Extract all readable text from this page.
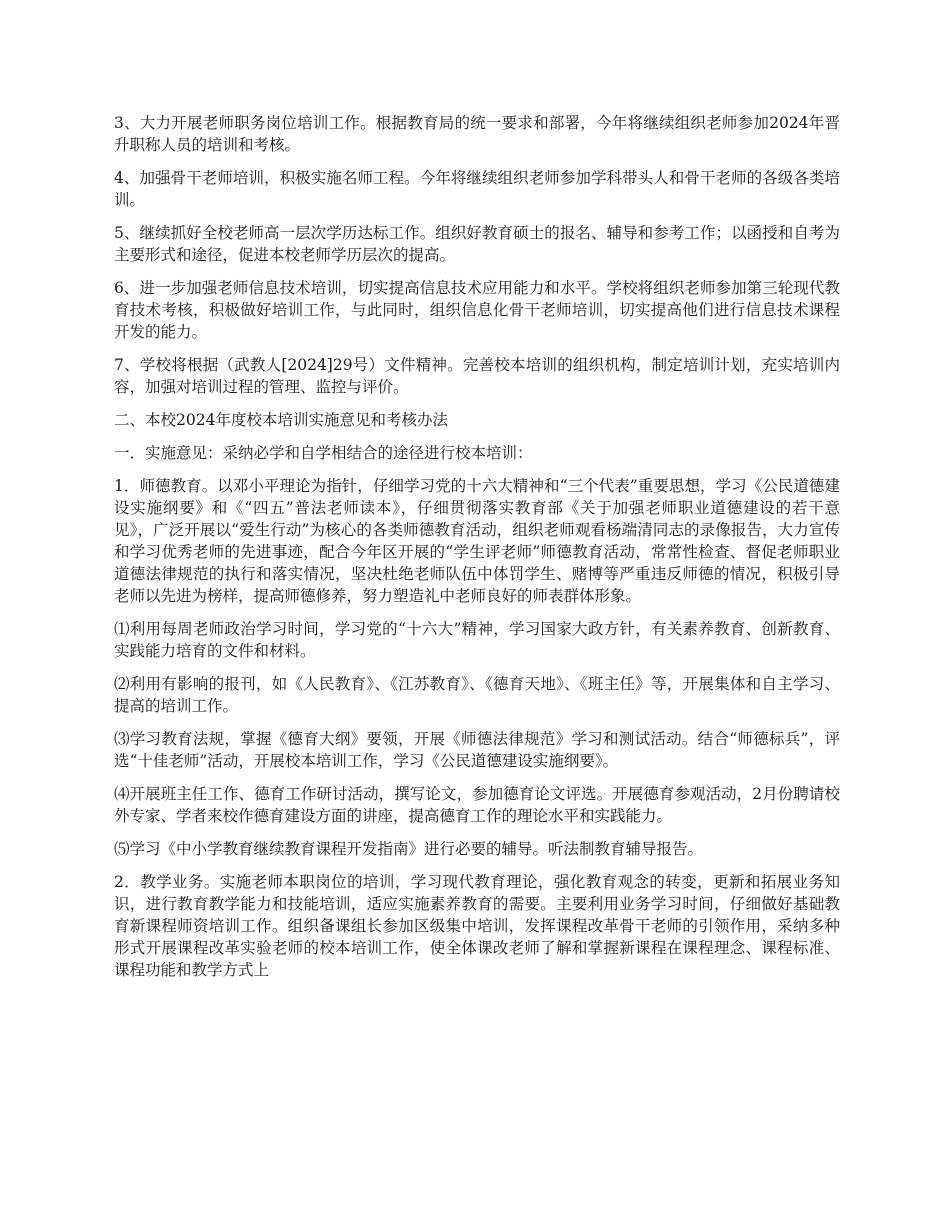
3、大力开展老师职务岗位培训工作。根据教育局的统一要求和部署，今年将继续组织老师参加2024年晋升职称人员的培训和考核。

4、加强骨干老师培训，积极实施名师工程。今年将继续组织老师参加学科带头人和骨干老师的各级各类培训。

5、继续抓好全校老师高一层次学历达标工作。组织好教育硕士的报名、辅导和参考工作；以函授和自考为主要形式和途径，促进本校老师学历层次的提高。

6、进一步加强老师信息技术培训，切实提高信息技术应用能力和水平。学校将组织老师参加第三轮现代教育技术考核，积极做好培训工作，与此同时，组织信息化骨干老师培训，切实提高他们进行信息技术课程开发的能力。

7、学校将根据（武教人[2024]29号）文件精神。完善校本培训的组织机构，制定培训计划，充实培训内容，加强对培训过程的管理、监控与评价。

二、本校2024年度校本培训实施意见和考核办法

一．实施意见：采纳必学和自学相结合的途径进行校本培训：

1．师德教育。以邓小平理论为指针，仔细学习党的十六大精神和“三个代表”重要思想，学习《公民道德建设实施纲要》和《“四五”普法老师读本》，仔细贯彻落实教育部《关于加强老师职业道德建设的若干意见》，广泛开展以“爱生行动”为核心的各类师德教育活动，组织老师观看杨端清同志的录像报告，大力宣传和学习优秀老师的先进事迹，配合今年区开展的“学生评老师”师德教育活动，常常性检查、督促老师职业道德法律规范的执行和落实情况，坚决杜绝老师队伍中体罚学生、赌博等严重违反师德的情况，积极引导老师以先进为榜样，提高师德修养，努力塑造礼中老师良好的师表群体形象。

⑴利用每周老师政治学习时间，学习党的“十六大”精神，学习国家大政方针，有关素养教育、创新教育、实践能力培育的文件和材料。

⑵利用有影响的报刊，如《人民教育》、《江苏教育》、《德育天地》、《班主任》等，开展集体和自主学习、提高的培训工作。

⑶学习教育法规，掌握《德育大纲》要领，开展《师德法律规范》学习和测试活动。结合“师德标兵”，评选“十佳老师”活动，开展校本培训工作，学习《公民道德建设实施纲要》。

⑷开展班主任工作、德育工作研讨活动，撰写论文，参加德育论文评选。开展德育参观活动，2月份聘请校外专家、学者来校作德育建设方面的讲座，提高德育工作的理论水平和实践能力。

⑸学习《中小学教育继续教育课程开发指南》进行必要的辅导。听法制教育辅导报告。

2．教学业务。实施老师本职岗位的培训，学习现代教育理论，强化教育观念的转变，更新和拓展业务知识，进行教育教学能力和技能培训，适应实施素养教育的需要。主要利用业务学习时间，仔细做好基础教育新课程师资培训工作。组织备课组长参加区级集中培训，发挥课程改革骨干老师的引领作用，采纳多种形式开展课程改革实验老师的校本培训工作，使全体课改老师了解和掌握新课程在课程理念、课程标准、课程功能和教学方式上
